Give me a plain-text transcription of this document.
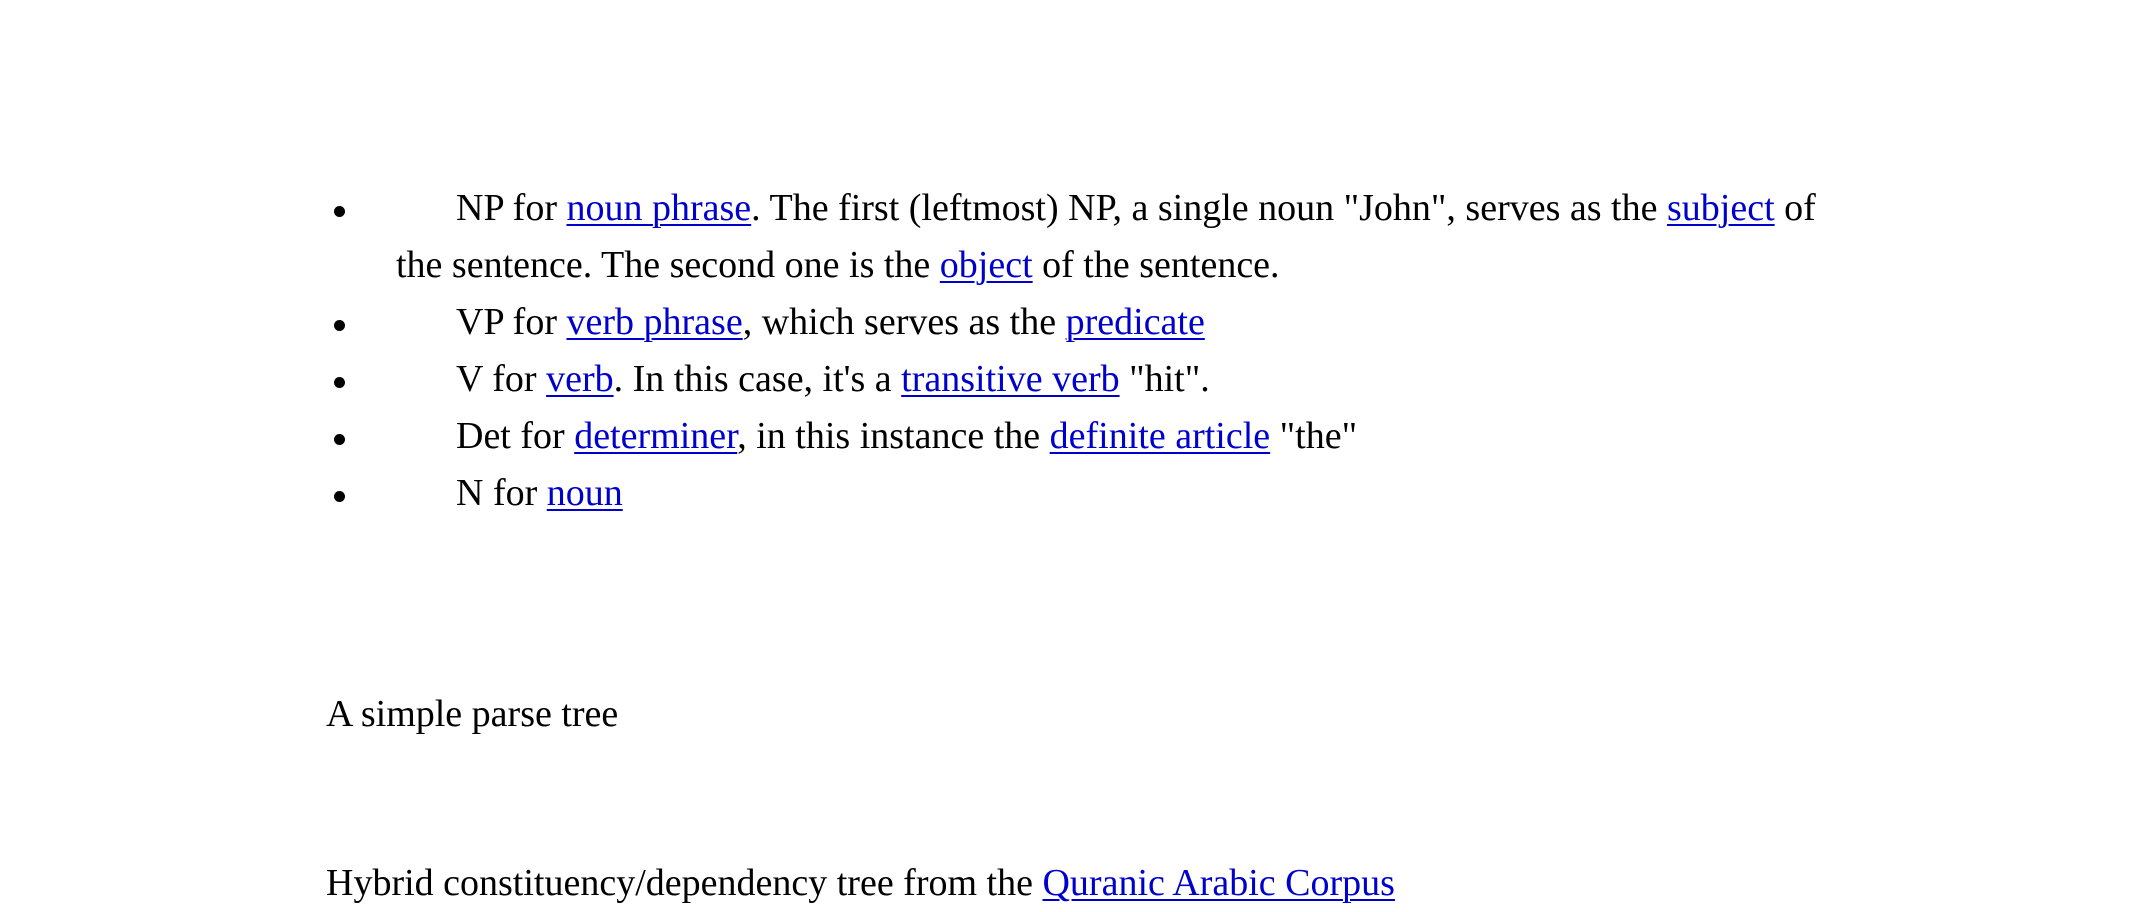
NP for noun phrase. The first (leftmost) NP, a single noun "John", serves as the subject of the sentence. The second one is the object of the sentence.
VP for verb phrase, which serves as the predicate
V for verb. In this case, it's a transitive verb "hit".
Det for determiner, in this instance the definite article "the"
N for noun

A simple parse tree

Hybrid constituency/dependency tree from the Quranic Arabic Corpus
